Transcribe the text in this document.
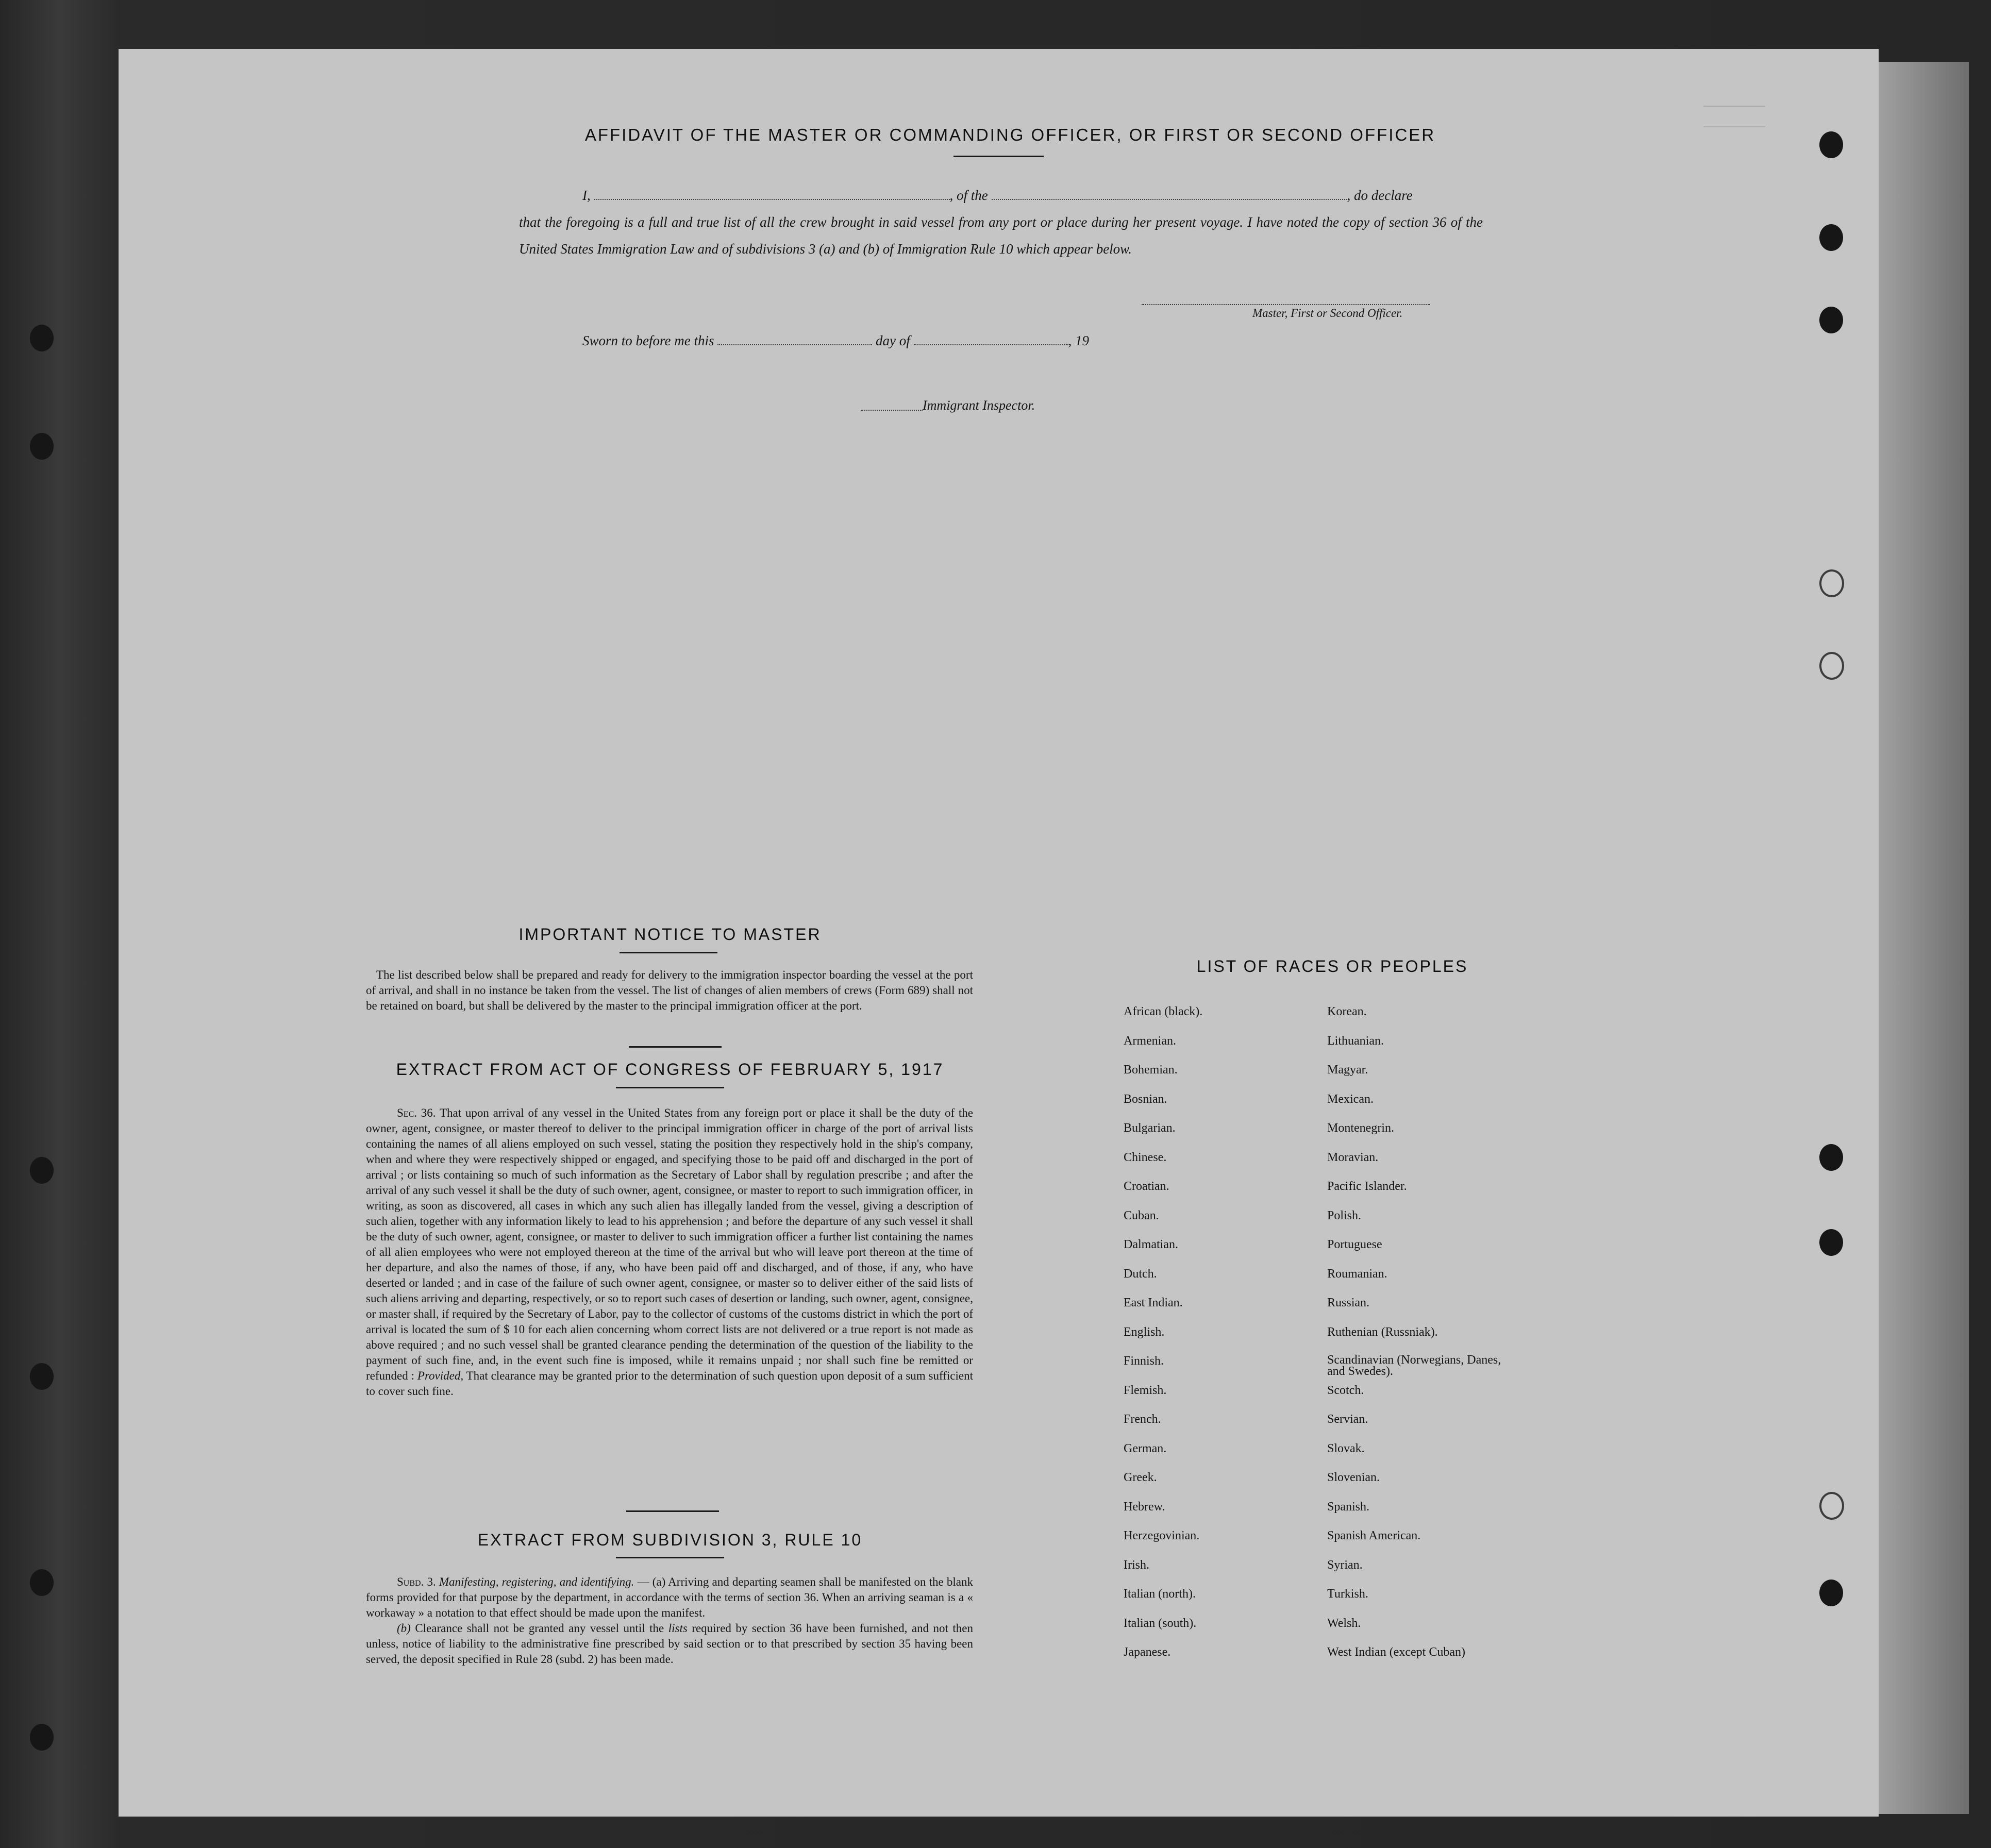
AFFIDAVIT OF THE MASTER OR COMMANDING OFFICER, OR FIRST OR SECOND OFFICER
I,	, of the	, do declare
that the foregoing is a full and true list of all the crew brought in said vessel from any port or place during her present voyage. I have noted the copy of section 36 of the United States Immigration Law and of subdivisions 3 (a) and (b) of Immigration Rule 10 which appear below.
Master, First or Second Officer.
Sworn to before me this	day of	, 19
Immigrant Inspector.
IMPORTANT NOTICE TO MASTER
The list described below shall be prepared and ready for delivery to the immigration inspector boarding the vessel at the port of arrival, and shall in no instance be taken from the vessel. The list of changes of alien members of crews (Form 689) shall not be retained on board, but shall be delivered by the master to the principal immigration officer at the port.
EXTRACT FROM ACT OF CONGRESS OF FEBRUARY 5, 1917

Sec. 36. That upon arrival of any vessel in the United States from any foreign port or place it shall be the duty of the owner, agent, consignee, or master thereof to deliver to the principal immigration officer in charge of the port of arrival lists containing the names of all aliens employed on such vessel, stating the position they respectively hold in the ship's company, when and where they were respectively shipped or engaged, and specifying those to be paid off and discharged in the port of arrival ; or lists containing so much of such information as the Secretary of Labor shall by regulation prescribe ; and after the arrival of any such vessel it shall be the duty of such owner, agent, consignee, or master to report to such immigration officer, in writing, as soon as discovered, all cases in which any such alien has illegally landed from the vessel, giving a description of such alien, together with any information likely to lead to his apprehension ; and before the departure of any such vessel it shall be the duty of such owner, agent, consignee, or master to deliver to such immigration officer a further list containing the names of all alien employees who were not employed thereon at the time of the arrival but who will leave port thereon at the time of her departure, and also the names of those, if any, who have been paid off and discharged, and of those, if any, who have deserted or landed ; and in case of the failure of such owner agent, consignee, or master so to deliver either of the said lists of such aliens arriving and departing, respectively, or so to report such cases of desertion or landing, such owner, agent, consignee, or master shall, if required by the Secretary of Labor, pay to the collector of customs of the customs district in which the port of arrival is located the sum of $ 10 for each alien concerning whom correct lists are not delivered or a true report is not made as above required ; and no such vessel shall be granted clearance pending the determination of the question of the liability to the payment of such fine, and, in the event such fine is imposed, while it remains unpaid ; nor shall such fine be remitted or refunded : Provided, That clearance may be granted prior to the determination of such question upon deposit of a sum sufficient to cover such fine.

EXTRACT FROM SUBDIVISION 3, RULE 10

Subd. 3. Manifesting, registering, and identifying. — (a) Arriving and departing seamen shall be manifested on the blank forms provided for that purpose by the department, in accordance with the terms of section 36. When an arriving seaman is a « workaway » a notation to that effect should be made upon the manifest.

(b) Clearance shall not be granted any vessel until the lists required by section 36 have been furnished, and not then unless, notice of liability to the administrative fine prescribed by said section or to that prescribed by section 35 having been served, the deposit specified in Rule 28 (subd. 2) has been made.

LIST OF RACES OR PEOPLES
African (black).
Armenian.
Bohemian.
Bosnian.
Bulgarian.
Chinese.
Croatian.
Cuban.
Dalmatian.
Dutch.
East Indian.
English.
Finnish.
Flemish.
French.
German.
Greek.
Hebrew.
Herzegovinian.
Irish.
Italian (north).
Italian (south).
Japanese.
Korean.
Lithuanian.
Magyar.
Mexican.
Montenegrin.
Moravian.
Pacific Islander.
Polish.
Portuguese
Roumanian.
Russian.
Ruthenian (Russniak).
Scandinavian (Norwegians, Danes, and Swedes).
Scotch.
Servian.
Slovak.
Slovenian.
Spanish.
Spanish American.
Syrian.
Turkish.
Welsh.
West Indian (except Cuban)
